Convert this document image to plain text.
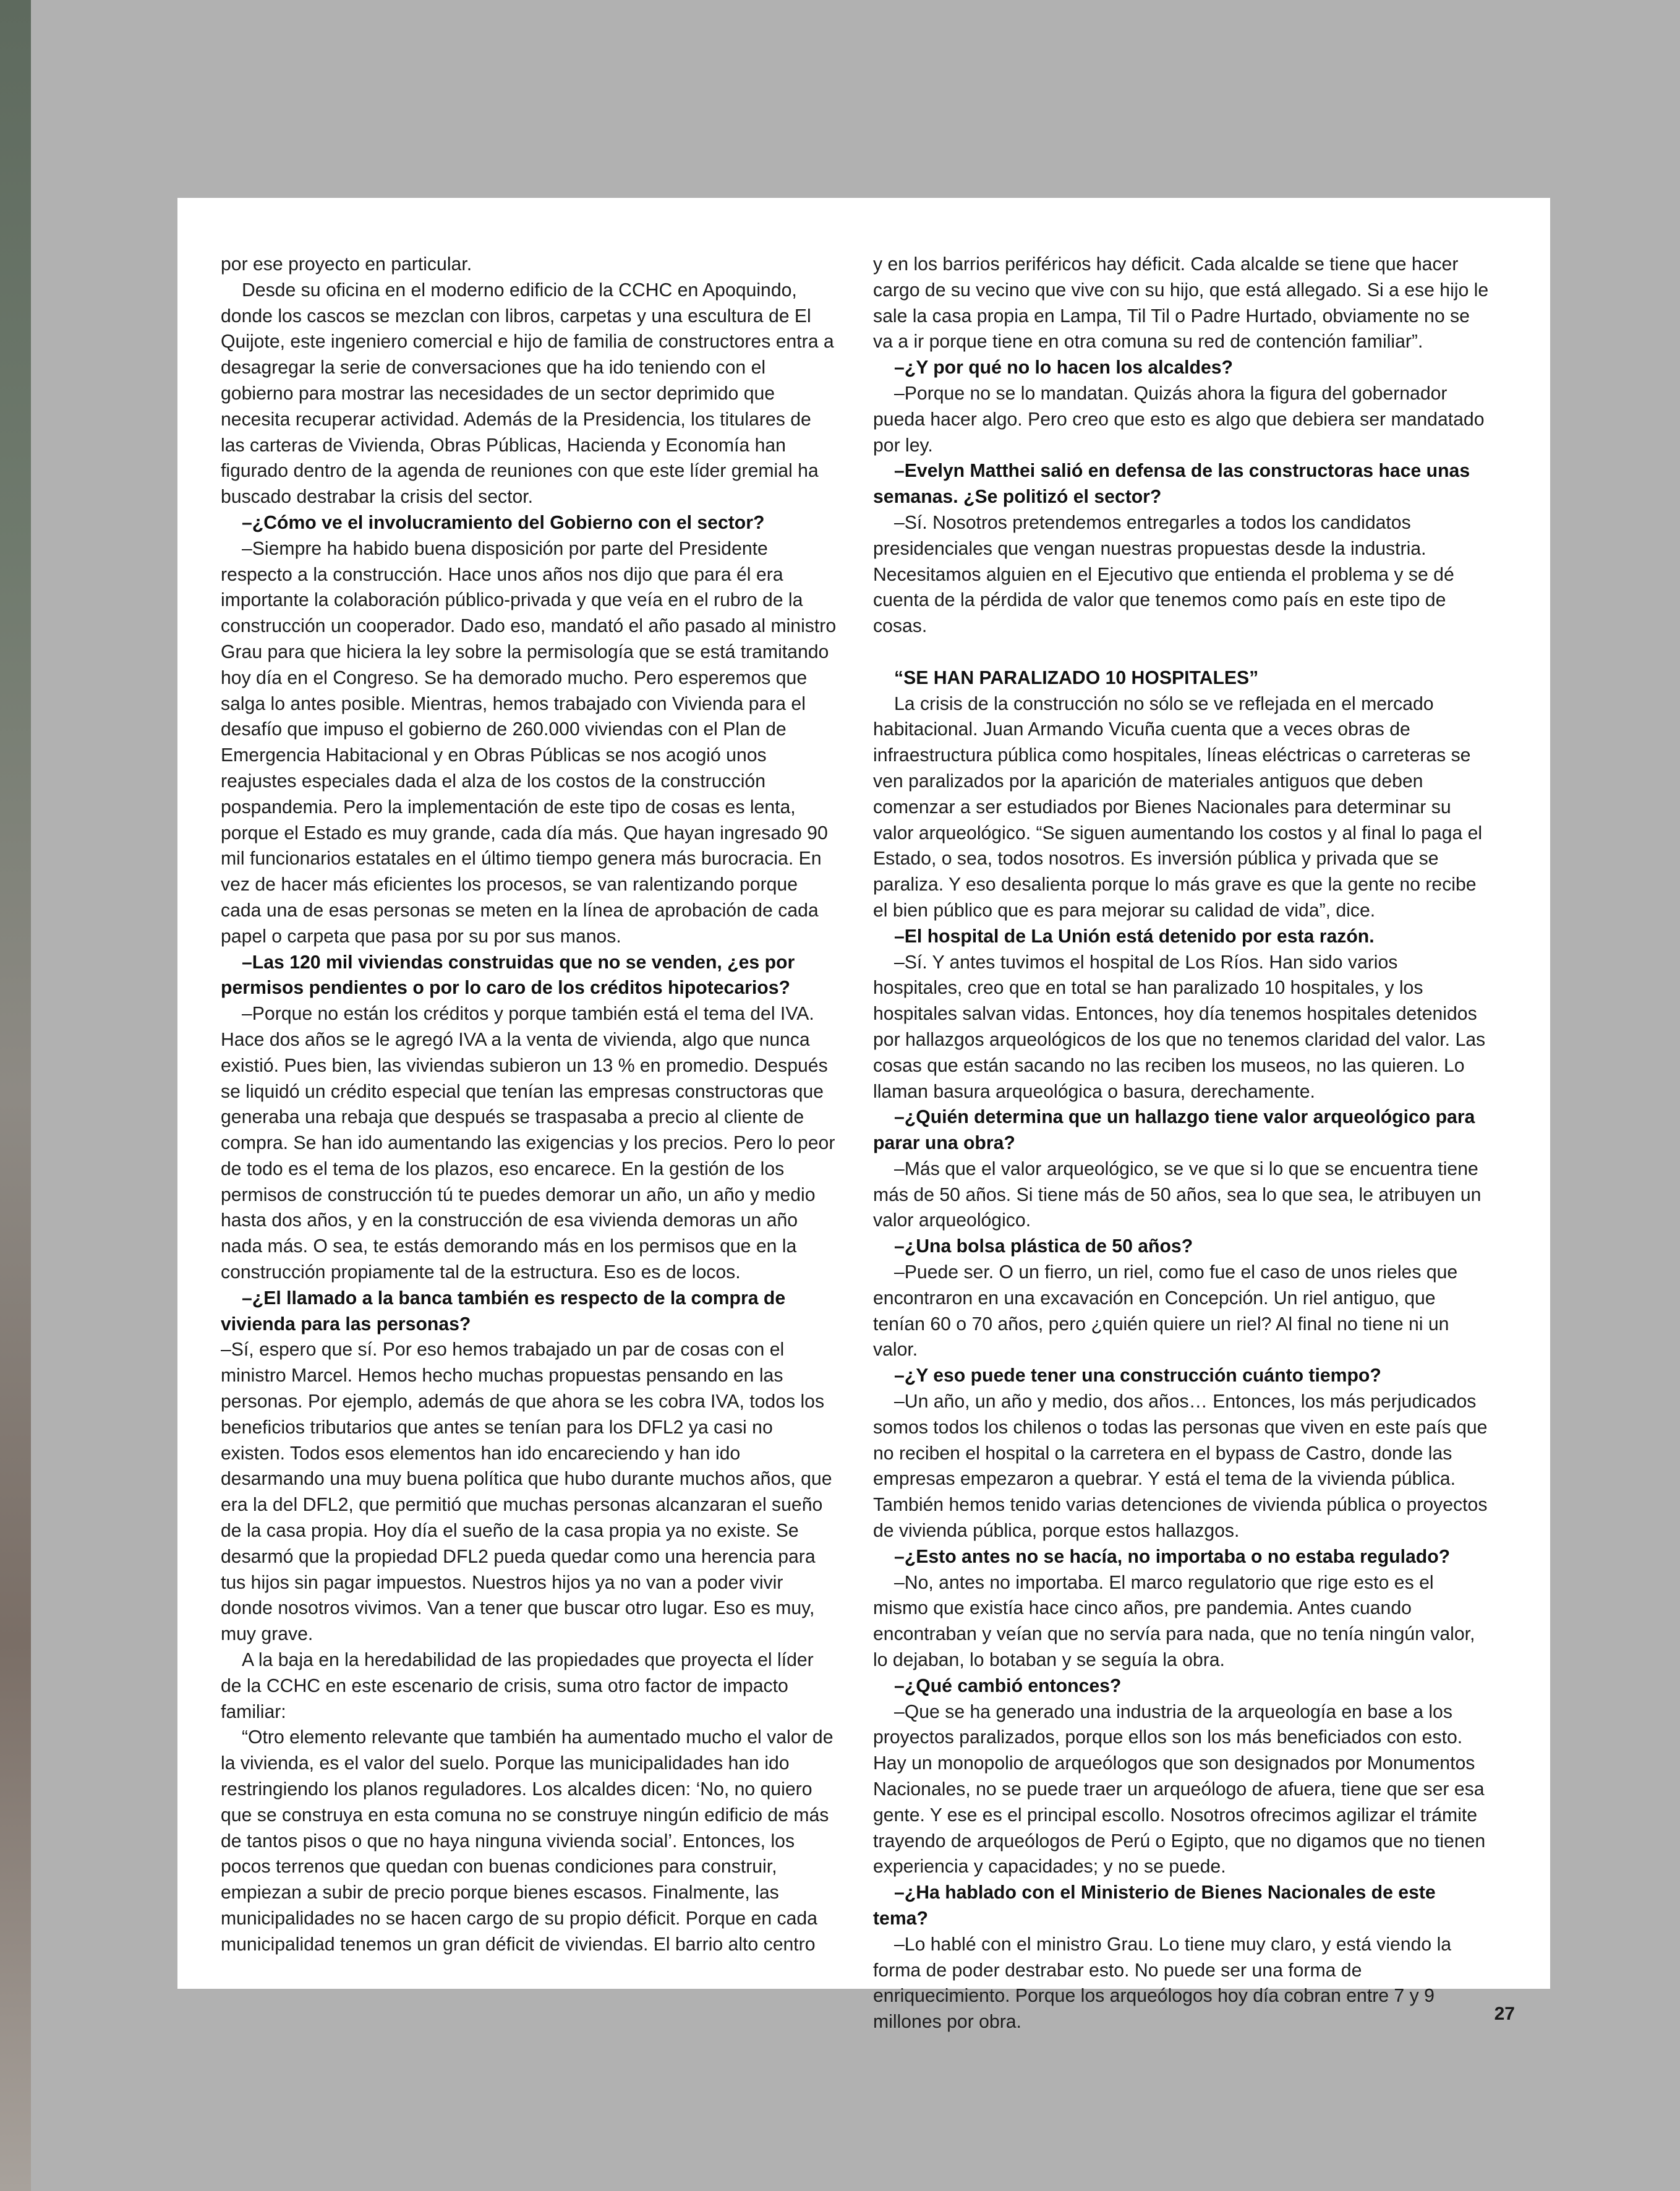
por ese proyecto en particular.

Desde su oficina en el moderno edificio de la CCHC en Apoquindo, donde los cascos se mezclan con libros, carpetas y una escultura de El Quijote, este ingeniero comercial e hijo de familia de constructores entra a desagregar la serie de conversaciones que ha ido teniendo con el gobierno para mostrar las necesidades de un sector deprimido que necesita recuperar actividad. Además de la Presidencia, los titulares de las carteras de Vivienda, Obras Públicas, Hacienda y Economía han figurado dentro de la agenda de reuniones con que este líder gremial ha buscado destrabar la crisis del sector.

–¿Cómo ve el involucramiento del Gobierno con el sector?

–Siempre ha habido buena disposición por parte del Presidente respecto a la construcción. Hace unos años nos dijo que para él era importante la colaboración público-privada y que veía en el rubro de la construcción un cooperador. Dado eso, mandató el año pasado al ministro Grau para que hiciera la ley sobre la permisología que se está tramitando hoy día en el Congreso. Se ha demorado mucho. Pero esperemos que salga lo antes posible. Mientras, hemos trabajado con Vivienda para el desafío que impuso el gobierno de 260.000 viviendas con el Plan de Emergencia Habitacional y en Obras Públicas se nos acogió unos reajustes especiales dada el alza de los costos de la construcción pospandemia. Pero la implementación de este tipo de cosas es lenta, porque el Estado es muy grande, cada día más. Que hayan ingresado 90 mil funcionarios estatales en el último tiempo genera más burocracia. En vez de hacer más eficientes los procesos, se van ralentizando porque cada una de esas personas se meten en la línea de aprobación de cada papel o carpeta que pasa por su por sus manos.

–Las 120 mil viviendas construidas que no se venden, ¿es por permisos pendientes o por lo caro de los créditos hipotecarios?

–Porque no están los créditos y porque también está el tema del IVA. Hace dos años se le agregó IVA a la venta de vivienda, algo que nunca existió. Pues bien, las viviendas subieron un 13 % en promedio. Después se liquidó un crédito especial que tenían las empresas constructoras que generaba una rebaja que después se traspasaba a precio al cliente de compra. Se han ido aumentando las exigencias y los precios. Pero lo peor de todo es el tema de los plazos, eso encarece. En la gestión de los permisos de construcción tú te puedes demorar un año, un año y medio hasta dos años, y en la construcción de esa vivienda demoras un año nada más. O sea, te estás demorando más en los permisos que en la construcción propiamente tal de la estructura. Eso es de locos.

–¿El llamado a la banca también es respecto de la compra de vivienda para las personas?

–Sí, espero que sí. Por eso hemos trabajado un par de cosas con el ministro Marcel. Hemos hecho muchas propuestas pensando en las personas. Por ejemplo, además de que ahora se les cobra IVA, todos los beneficios tributarios que antes se tenían para los DFL2 ya casi no existen. Todos esos elementos han ido encareciendo y han ido desarmando una muy buena política que hubo durante muchos años, que era la del DFL2, que permitió que muchas personas alcanzaran el sueño de la casa propia. Hoy día el sueño de la casa propia ya no existe. Se desarmó que la propiedad DFL2 pueda quedar como una herencia para tus hijos sin pagar impuestos. Nuestros hijos ya no van a poder vivir donde nosotros vivimos. Van a tener que buscar otro lugar. Eso es muy, muy grave.

A la baja en la heredabilidad de las propiedades que proyecta el líder de la CCHC en este escenario de crisis, suma otro factor de impacto familiar:

“Otro elemento relevante que también ha aumentado mucho el valor de la vivienda, es el valor del suelo. Porque las municipalidades han ido restringiendo los planos reguladores. Los alcaldes dicen: ‘No, no quiero que se construya en esta comuna no se construye ningún edificio de más de tantos pisos o que no haya ninguna vivienda social’. Entonces, los pocos terrenos que quedan con buenas condiciones para construir, empiezan a subir de precio porque bienes escasos. Finalmente, las municipalidades no se hacen cargo de su propio déficit. Porque en cada municipalidad tenemos un gran déficit de viviendas. El barrio alto centro

y en los barrios periféricos hay déficit. Cada alcalde se tiene que hacer cargo de su vecino que vive con su hijo, que está allegado. Si a ese hijo le sale la casa propia en Lampa, Til Til o Padre Hurtado, obviamente no se va a ir porque tiene en otra comuna su red de contención familiar”.

–¿Y por qué no lo hacen los alcaldes?

–Porque no se lo mandatan. Quizás ahora la figura del gobernador pueda hacer algo. Pero creo que esto es algo que debiera ser mandatado por ley.

–Evelyn Matthei salió en defensa de las constructoras hace unas semanas. ¿Se politizó el sector?

–Sí. Nosotros pretendemos entregarles a todos los candidatos presidenciales que vengan nuestras propuestas desde la industria. Necesitamos alguien en el Ejecutivo que entienda el problema y se dé cuenta de la pérdida de valor que tenemos como país en este tipo de cosas.

“SE HAN PARALIZADO 10 HOSPITALES”

La crisis de la construcción no sólo se ve reflejada en el mercado habitacional. Juan Armando Vicuña cuenta que a veces obras de infraestructura pública como hospitales, líneas eléctricas o carreteras se ven paralizados por la aparición de materiales antiguos que deben comenzar a ser estudiados por Bienes Nacionales para determinar su valor arqueológico. “Se siguen aumentando los costos y al final lo paga el Estado, o sea, todos nosotros. Es inversión pública y privada que se paraliza. Y eso desalienta porque lo más grave es que la gente no recibe el bien público que es para mejorar su calidad de vida”, dice.

–El hospital de La Unión está detenido por esta razón.

–Sí. Y antes tuvimos el hospital de Los Ríos. Han sido varios hospitales, creo que en total se han paralizado 10 hospitales, y los hospitales salvan vidas. Entonces, hoy día tenemos hospitales detenidos por hallazgos arqueológicos de los que no tenemos claridad del valor. Las cosas que están sacando no las reciben los museos, no las quieren. Lo llaman basura arqueológica o basura, derechamente.

–¿Quién determina que un hallazgo tiene valor arqueológico para parar una obra?

–Más que el valor arqueológico, se ve que si lo que se encuentra tiene más de 50 años. Si tiene más de 50 años, sea lo que sea, le atribuyen un valor arqueológico.

–¿Una bolsa plástica de 50 años?

–Puede ser. O un fierro, un riel, como fue el caso de unos rieles que encontraron en una excavación en Concepción. Un riel antiguo, que tenían 60 o 70 años, pero ¿quién quiere un riel? Al final no tiene ni un valor.

–¿Y eso puede tener una construcción cuánto tiempo?

–Un año, un año y medio, dos años… Entonces, los más perjudicados somos todos los chilenos o todas las personas que viven en este país que no reciben el hospital o la carretera en el bypass de Castro, donde las empresas empezaron a quebrar. Y está el tema de la vivienda pública. También hemos tenido varias detenciones de vivienda pública o proyectos de vivienda pública, porque estos hallazgos.

–¿Esto antes no se hacía, no importaba o no estaba regulado?

–No, antes no importaba. El marco regulatorio que rige esto es el mismo que existía hace cinco años, pre pandemia. Antes cuando encontraban y veían que no servía para nada, que no tenía ningún valor, lo dejaban, lo botaban y se seguía la obra.

–¿Qué cambió entonces?

–Que se ha generado una industria de la arqueología en base a los proyectos paralizados, porque ellos son los más beneficiados con esto. Hay un monopolio de arqueólogos que son designados por Monumentos Nacionales, no se puede traer un arqueólogo de afuera, tiene que ser esa gente. Y ese es el principal escollo. Nosotros ofrecimos agilizar el trámite trayendo de arqueólogos de Perú o Egipto, que no digamos que no tienen experiencia y capacidades; y no se puede.

–¿Ha hablado con el Ministerio de Bienes Nacionales de este tema?

–Lo hablé con el ministro Grau. Lo tiene muy claro, y está viendo la forma de poder destrabar esto. No puede ser una forma de enriquecimiento. Porque los arqueólogos hoy día cobran entre 7 y 9 millones por obra.	27
